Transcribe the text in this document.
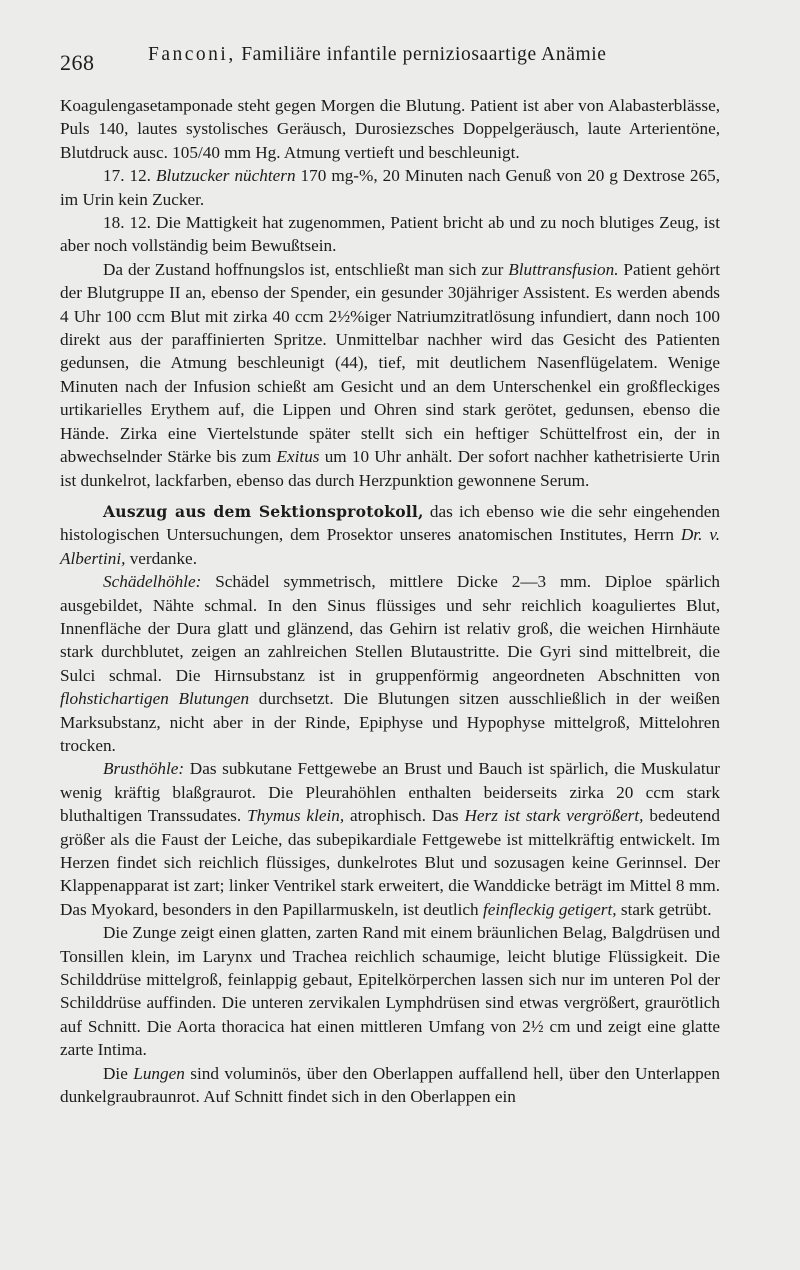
268	Fanconi, Familiäre infantile perniziosaartige Anämie

Koagulengasetamponade steht gegen Morgen die Blutung. Patient ist aber von Alabasterblässe, Puls 140, lautes systolisches Geräusch, Durosiezsches Doppelgeräusch, laute Arterientöne, Blutdruck ausc. 105/40 mm Hg. Atmung vertieft und beschleunigt.

17. 12. Blutzucker nüchtern 170 mg-%, 20 Minuten nach Genuß von 20 g Dextrose 265, im Urin kein Zucker.

18. 12. Die Mattigkeit hat zugenommen, Patient bricht ab und zu noch blutiges Zeug, ist aber noch vollständig beim Bewußtsein.

Da der Zustand hoffnungslos ist, entschließt man sich zur Bluttransfusion. Patient gehört der Blutgruppe II an, ebenso der Spender, ein gesunder 30jähriger Assistent. Es werden abends 4 Uhr 100 ccm Blut mit zirka 40 ccm 2½%iger Natriumzitratlösung infundiert, dann noch 100 direkt aus der paraffinierten Spritze. Unmittelbar nachher wird das Gesicht des Patienten gedunsen, die Atmung beschleunigt (44), tief, mit deutlichem Nasenflügelatem. Wenige Minuten nach der Infusion schießt am Gesicht und an dem Unterschenkel ein großfleckiges urtikarielles Erythem auf, die Lippen und Ohren sind stark gerötet, gedunsen, ebenso die Hände. Zirka eine Viertelstunde später stellt sich ein heftiger Schüttelfrost ein, der in abwechselnder Stärke bis zum Exitus um 10 Uhr anhält. Der sofort nachher kathetrisierte Urin ist dunkelrot, lackfarben, ebenso das durch Herzpunktion gewonnene Serum.

Auszug aus dem Sektionsprotokoll, das ich ebenso wie die sehr eingehenden histologischen Untersuchungen, dem Prosektor unseres anatomischen Institutes, Herrn Dr. v. Albertini, verdanke.

Schädelhöhle: Schädel symmetrisch, mittlere Dicke 2—3 mm. Diploe spärlich ausgebildet, Nähte schmal. In den Sinus flüssiges und sehr reichlich koaguliertes Blut, Innenfläche der Dura glatt und glänzend, das Gehirn ist relativ groß, die weichen Hirnhäute stark durchblutet, zeigen an zahlreichen Stellen Blutaustritte. Die Gyri sind mittelbreit, die Sulci schmal. Die Hirnsubstanz ist in gruppenförmig angeordneten Abschnitten von flohstichartigen Blutungen durchsetzt. Die Blutungen sitzen ausschließlich in der weißen Marksubstanz, nicht aber in der Rinde, Epiphyse und Hypophyse mittelgroß, Mittelohren trocken.

Brusthöhle: Das subkutane Fettgewebe an Brust und Bauch ist spärlich, die Muskulatur wenig kräftig blaßgraurot. Die Pleurahöhlen enthalten beiderseits zirka 20 ccm stark bluthaltigen Transsudates. Thymus klein, atrophisch. Das Herz ist stark vergrößert, bedeutend größer als die Faust der Leiche, das subepikardiale Fettgewebe ist mittelkräftig entwickelt. Im Herzen findet sich reichlich flüssiges, dunkelrotes Blut und sozusagen keine Gerinnsel. Der Klappenapparat ist zart; linker Ventrikel stark erweitert, die Wanddicke beträgt im Mittel 8 mm. Das Myokard, besonders in den Papillarmuskeln, ist deutlich feinfleckig getigert, stark getrübt.

Die Zunge zeigt einen glatten, zarten Rand mit einem bräunlichen Belag, Balgdrüsen und Tonsillen klein, im Larynx und Trachea reichlich schaumige, leicht blutige Flüssigkeit. Die Schilddrüse mittelgroß, feinlappig gebaut, Epitelkörperchen lassen sich nur im unteren Pol der Schilddrüse auffinden. Die unteren zervikalen Lymphdrüsen sind etwas vergrößert, graurötlich auf Schnitt. Die Aorta thoracica hat einen mittleren Umfang von 2½ cm und zeigt eine glatte zarte Intima.

Die Lungen sind voluminös, über den Oberlappen auffallend hell, über den Unterlappen dunkelgraubraunrot. Auf Schnitt findet sich in den Oberlappen ein
